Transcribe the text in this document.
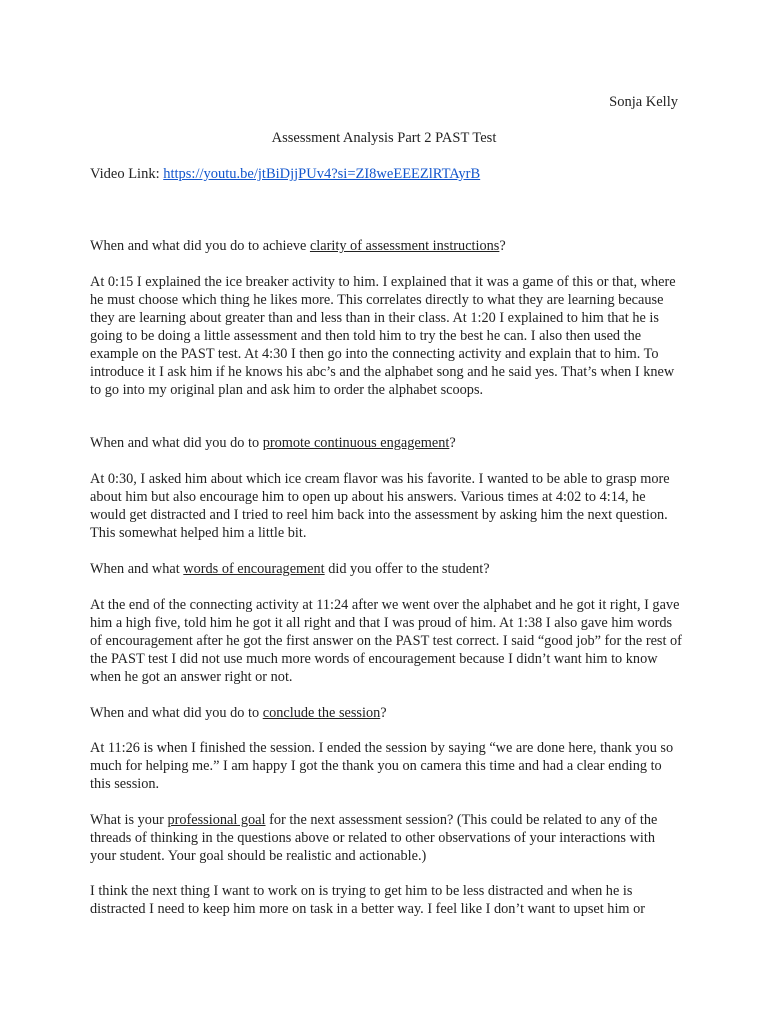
Sonja Kelly
Assessment Analysis Part 2 PAST Test
Video Link: https://youtu.be/jtBiDjjPUv4?si=ZI8weEEEZlRTAyrB

When and what did you do to achieve clarity of assessment instructions?

At 0:15 I explained the ice breaker activity to him. I explained that it was a game of this or that, where he must choose which thing he likes more. This correlates directly to what they are learning because they are learning about greater than and less than in their class. At 1:20 I explained to him that he is going to be doing a little assessment and then told him to try the best he can. I also then used the example on the PAST test. At 4:30 I then go into the connecting activity and explain that to him. To introduce it I ask him if he knows his abc’s and the alphabet song and he said yes. That’s when I knew to go into my original plan and ask him to order the alphabet scoops.

When and what did you do to promote continuous engagement?

At 0:30, I asked him about which ice cream flavor was his favorite. I wanted to be able to grasp more about him but also encourage him to open up about his answers. Various times at 4:02 to 4:14, he would get distracted and I tried to reel him back into the assessment by asking him the next question. This somewhat helped him a little bit.

When and what words of encouragement did you offer to the student?

At the end of the connecting activity at 11:24 after we went over the alphabet and he got it right, I gave him a high five, told him he got it all right and that I was proud of him. At 1:38 I also gave him words of encouragement after he got the first answer on the PAST test correct. I said “good job” for the rest of the PAST test I did not use much more words of encouragement because I didn’t want him to know when he got an answer right or not.

When and what did you do to conclude the session?

At 11:26 is when I finished the session. I ended the session by saying “we are done here, thank you so much for helping me.” I am happy I got the thank you on camera this time and had a clear ending to this session.

What is your professional goal for the next assessment session? (This could be related to any of the threads of thinking in the questions above or related to other observations of your interactions with your student. Your goal should be realistic and actionable.)

I think the next thing I want to work on is trying to get him to be less distracted and when he is distracted I need to keep him more on task in a better way. I feel like I don’t want to upset him or
